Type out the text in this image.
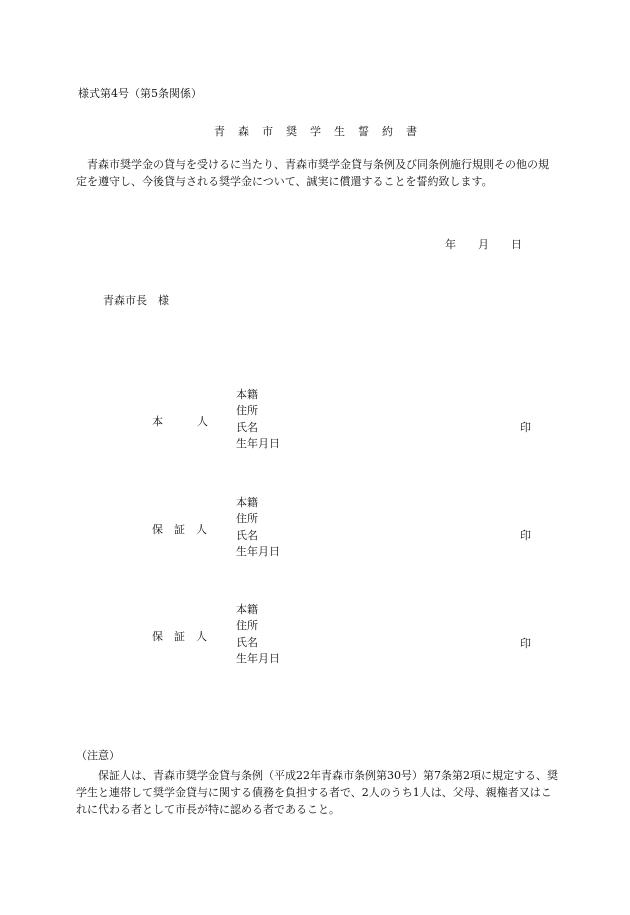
様式第4号（第5条関係）
青 森 市 奨 学 生 誓 約 書
青森市奨学金の貸与を受けるに当たり、青森市奨学金貸与条例及び同条例施行規則その他の規定を遵守し、今後貸与される奨学金について、誠実に償還することを誓約致します。
年 月 日
青森市長　様
本	人
本籍
住所
氏名
生年月日
印
保 証 人
本籍
住所
氏名
生年月日
印
保 証 人
本籍
住所
氏名
生年月日
印
（注意）
保証人は、青森市奨学金貸与条例（平成22年青森市条例第30号）第7条第2項に規定する、奨学生と連帯して奨学金貸与に関する債務を負担する者で、2人のうち1人は、父母、親権者又はこれに代わる者として市長が特に認める者であること。
